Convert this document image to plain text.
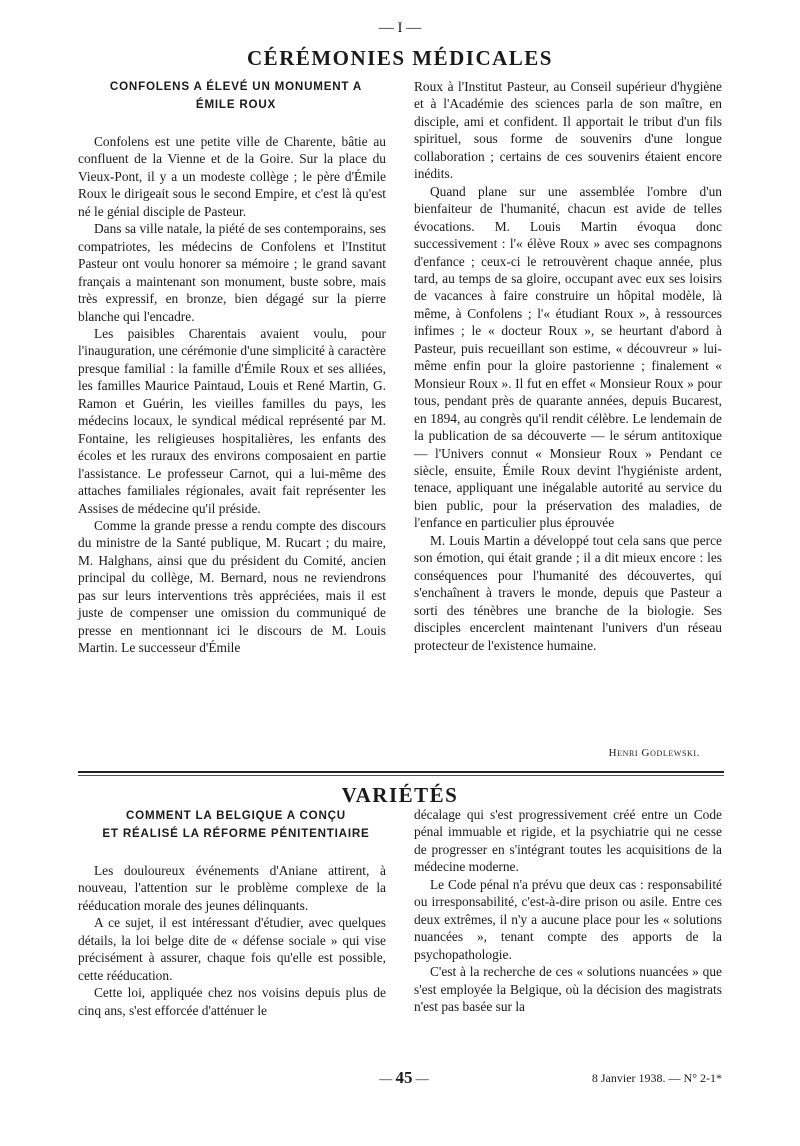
— I —
CÉRÉMONIES MÉDICALES
CONFOLENS A ÉLEVÉ UN MONUMENT A
ÉMILE ROUX

Confolens est une petite ville de Charente, bâtie au confluent de la Vienne et de la Goire. Sur la place du Vieux-Pont, il y a un modeste collège ; le père d'Émile Roux le dirigeait sous le second Empire, et c'est là qu'est né le génial disciple de Pasteur.

Dans sa ville natale, la piété de ses contemporains, ses compatriotes, les médecins de Confolens et l'Institut Pasteur ont voulu honorer sa mémoire ; le grand savant français a maintenant son monument, buste sobre, mais très expressif, en bronze, bien dégagé sur la pierre blanche qui l'encadre.

Les paisibles Charentais avaient voulu, pour l'inauguration, une cérémonie d'une simplicité à caractère presque familial : la famille d'Émile Roux et ses alliées, les familles Maurice Paintaud, Louis et René Martin, G. Ramon et Guérin, les vieilles familles du pays, les médecins locaux, le syndical médical représenté par M. Fontaine, les religieuses hospitalières, les enfants des écoles et les ruraux des environs composaient en partie l'assistance. Le professeur Carnot, qui a lui-même des attaches familiales régionales, avait fait représenter les Assises de médecine qu'il préside.

Comme la grande presse a rendu compte des discours du ministre de la Santé publique, M. Rucart ; du maire, M. Halghans, ainsi que du président du Comité, ancien principal du collège, M. Bernard, nous ne reviendrons pas sur leurs interventions très appréciées, mais il est juste de compenser une omission du communiqué de presse en mentionnant ici le discours de M. Louis Martin. Le successeur d'Émile

Roux à l'Institut Pasteur, au Conseil supérieur d'hygiène et à l'Académie des sciences parla de son maître, en disciple, ami et confident. Il apportait le tribut d'un fils spirituel, sous forme de souvenirs d'une longue collaboration ; certains de ces souvenirs étaient encore inédits.

Quand plane sur une assemblée l'ombre d'un bienfaiteur de l'humanité, chacun est avide de telles évocations. M. Louis Martin évoqua donc successivement : l'« élève Roux » avec ses compagnons d'enfance ; ceux-ci le retrouvèrent chaque année, plus tard, au temps de sa gloire, occupant avec eux ses loisirs de vacances à faire construire un hôpital modèle, là même, à Confolens ; l'« étudiant Roux », à ressources infimes ; le « docteur Roux », se heurtant d'abord à Pasteur, puis recueillant son estime, « découvreur » lui-même enfin pour la gloire pastorienne ; finalement « Monsieur Roux ». Il fut en effet « Monsieur Roux » pour tous, pendant près de quarante années, depuis Bucarest, en 1894, au congrès qu'il rendit célèbre. Le lendemain de la publication de sa découverte — le sérum antitoxique — l'Univers connut « Monsieur Roux » Pendant ce siècle, ensuite, Émile Roux devint l'hygiéniste ardent, tenace, appliquant une inégalable autorité au service du bien public, pour la préservation des maladies, de l'enfance en particulier plus éprouvée

M. Louis Martin a développé tout cela sans que perce son émotion, qui était grande ; il a dit mieux encore : les conséquences pour l'humanité des découvertes, qui s'enchaînent à travers le monde, depuis que Pasteur a sorti des ténèbres une branche de la biologie. Ses disciples encerclent maintenant l'univers d'un réseau protecteur de l'existence humaine.

Henri Godlewski.
VARIÉTÉS
COMMENT LA BELGIQUE A CONÇU
ET RÉALISÉ LA RÉFORME PÉNITENTIAIRE

Les douloureux événements d'Aniane attirent, à nouveau, l'attention sur le problème complexe de la rééducation morale des jeunes délinquants.

A ce sujet, il est intéressant d'étudier, avec quelques détails, la loi belge dite de « défense sociale » qui vise précisément à assurer, chaque fois qu'elle est possible, cette rééducation.

Cette loi, appliquée chez nos voisins depuis plus de cinq ans, s'est efforcée d'atténuer le

décalage qui s'est progressivement créé entre un Code pénal immuable et rigide, et la psychiatrie qui ne cesse de progresser en s'intégrant toutes les acquisitions de la médecine moderne.

Le Code pénal n'a prévu que deux cas : responsabilité ou irresponsabilité, c'est-à-dire prison ou asile. Entre ces deux extrêmes, il n'y a aucune place pour les « solutions nuancées », tenant compte des apports de la psychopathologie.

C'est à la recherche de ces « solutions nuancées » que s'est employée la Belgique, où la décision des magistrats n'est pas basée sur la

— 45 —	8 Janvier 1938. — N° 2-1*
